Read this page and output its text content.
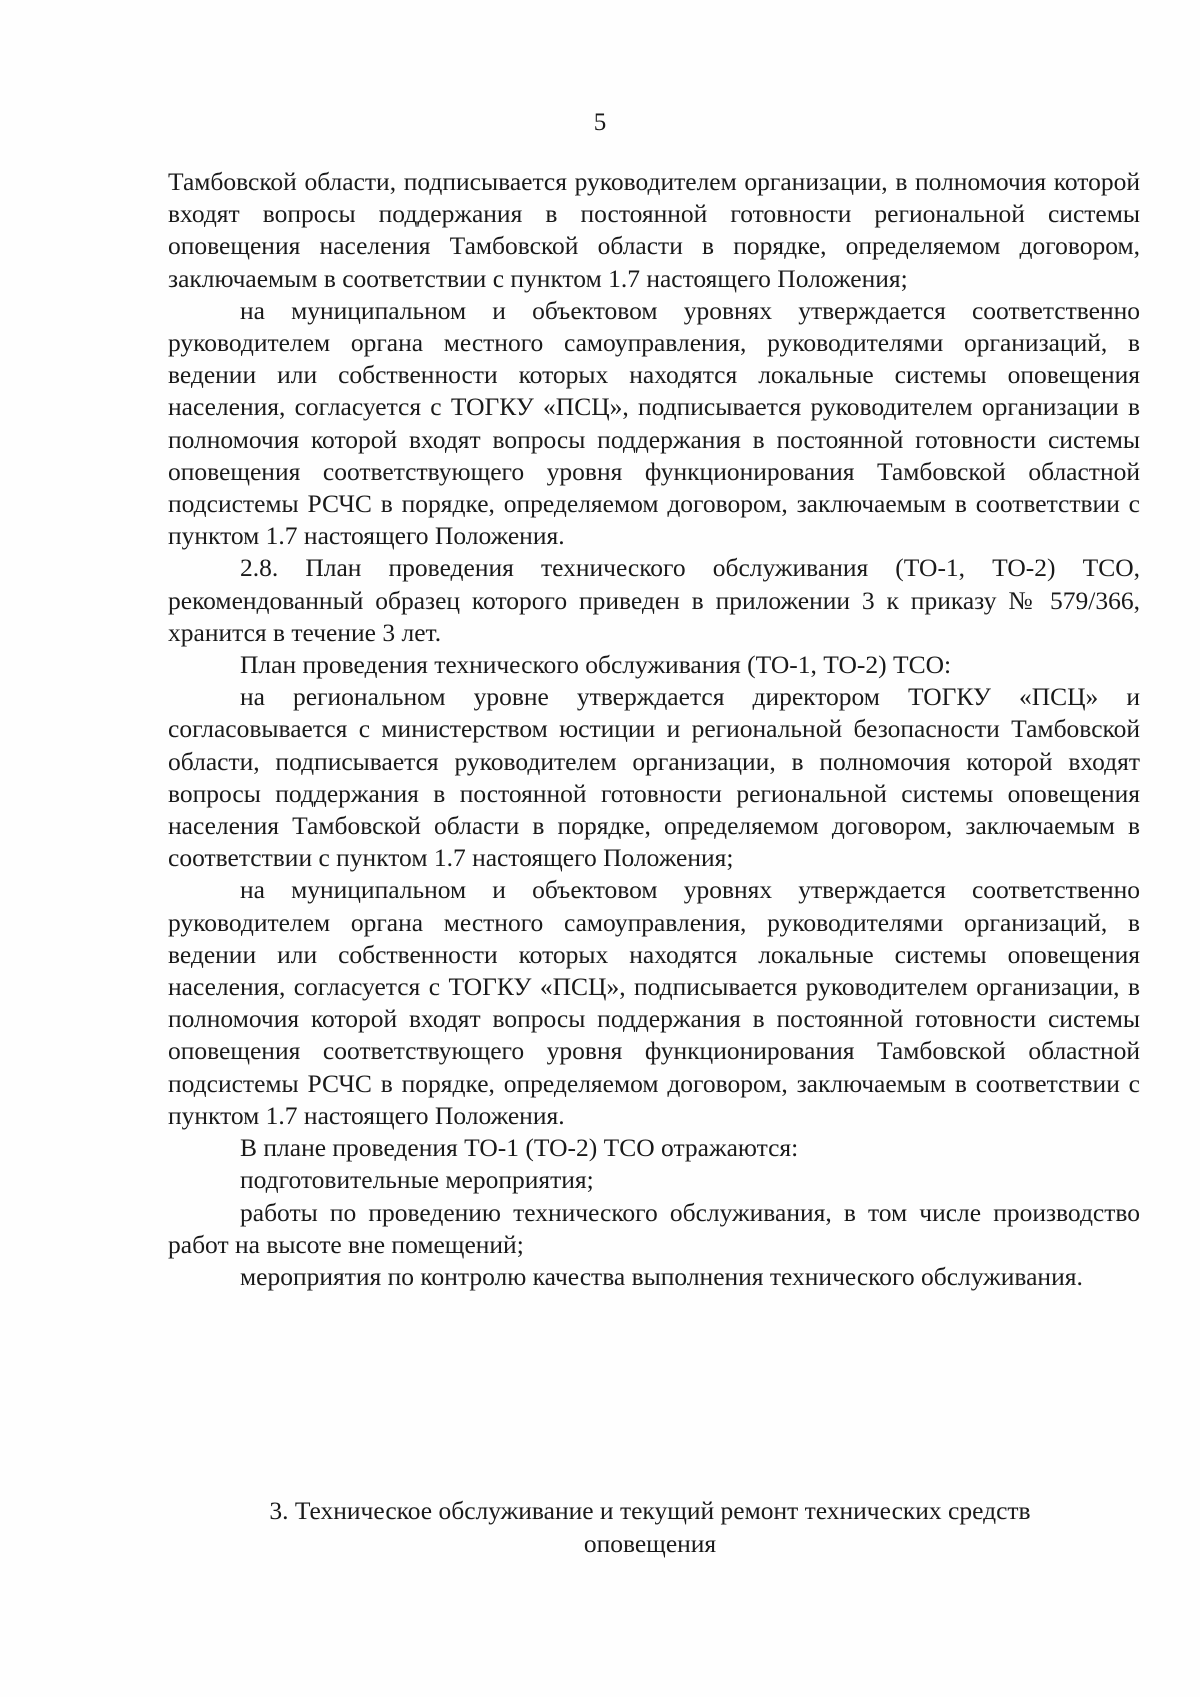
5

Тамбовской области, подписывается руководителем организации, в полномочия которой входят вопросы поддержания в постоянной готовности региональной системы оповещения населения Тамбовской области в порядке, определяемом договором, заключаемым в соответствии с пунктом 1.7 настоящего Положения;

на муниципальном и объектовом уровнях утверждается соответственно руководителем органа местного самоуправления, руководителями организаций, в ведении или собственности которых находятся локальные системы оповещения населения, согласуется с ТОГКУ «ПСЦ», подписывается руководителем организации в полномочия которой входят вопросы поддержания в постоянной готовности системы оповещения соответствующего уровня функционирования Тамбовской областной подсистемы РСЧС в порядке, определяемом договором, заключаемым в соответствии с пунктом 1.7 настоящего Положения.

2.8. План проведения технического обслуживания (ТО-1, ТО-2) ТСО, рекомендованный образец которого приведен в приложении 3 к приказу № 579/366, хранится в течение 3 лет.

План проведения технического обслуживания (ТО-1, ТО-2) ТСО:

на региональном уровне утверждается директором ТОГКУ «ПСЦ» и согласовывается с министерством юстиции и региональной безопасности Тамбовской области, подписывается руководителем организации, в полномочия которой входят вопросы поддержания в постоянной готовности региональной системы оповещения населения Тамбовской области в порядке, определяемом договором, заключаемым в соответствии с пунктом 1.7 настоящего Положения;

на муниципальном и объектовом уровнях утверждается соответственно руководителем органа местного самоуправления, руководителями организаций, в ведении или собственности которых находятся локальные системы оповещения населения, согласуется с ТОГКУ «ПСЦ», подписывается руководителем организации, в полномочия которой входят вопросы поддержания в постоянной готовности системы оповещения соответствующего уровня функционирования Тамбовской областной подсистемы РСЧС в порядке, определяемом договором, заключаемым в соответствии с пунктом 1.7 настоящего Положения.

В плане проведения ТО-1 (ТО-2) ТСО отражаются:

подготовительные мероприятия;

работы по проведению технического обслуживания, в том числе производство работ на высоте вне помещений;

мероприятия по контролю качества выполнения технического обслуживания.

3. Техническое обслуживание и текущий ремонт технических средств
оповещения
